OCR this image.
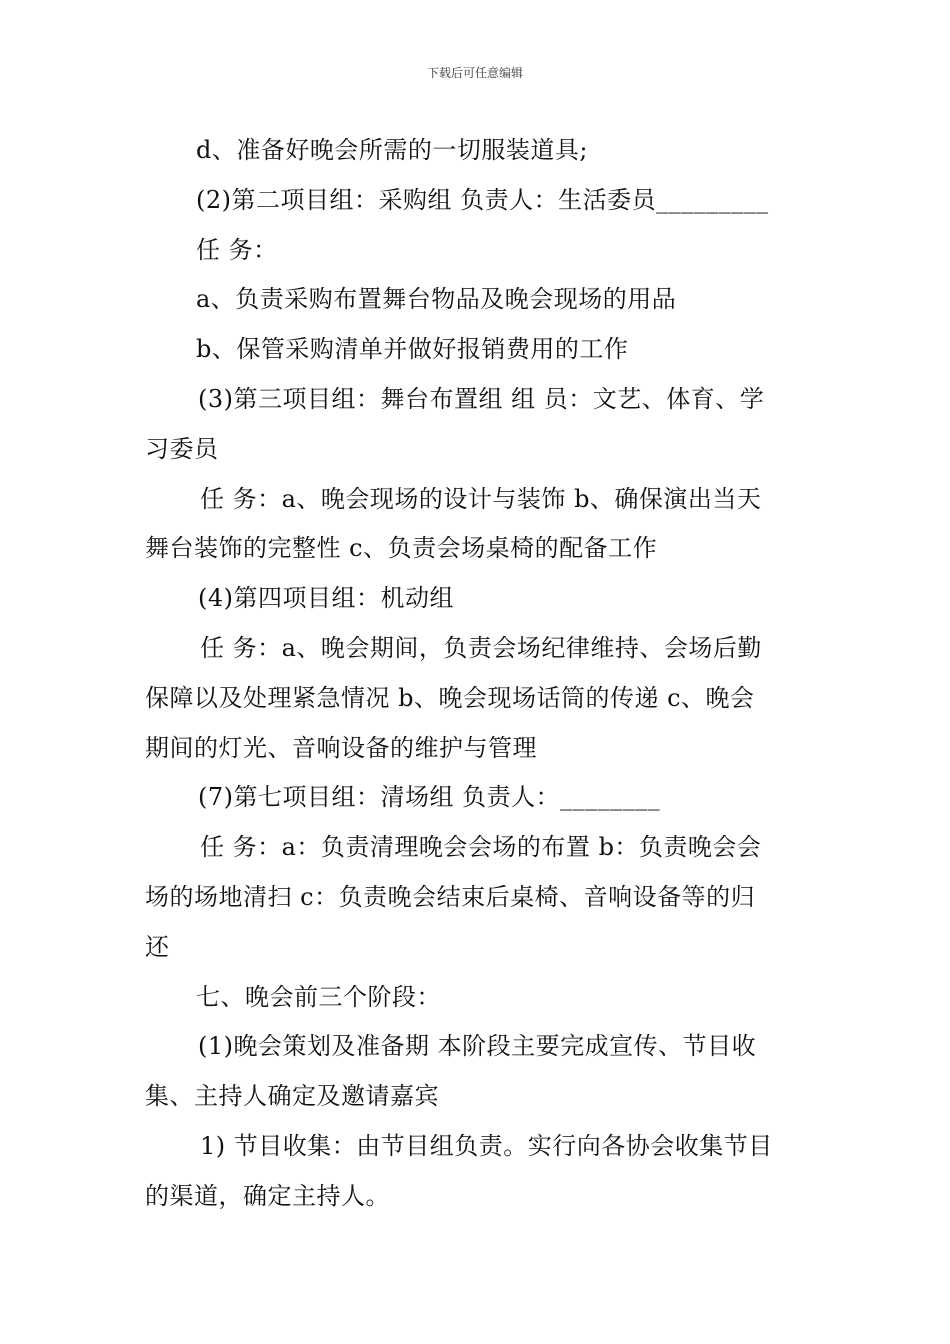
下载后可任意编辑
d、准备好晚会所需的一切服装道具;
(2)第二项目组：采购组 负责人：生活委员_________
任 务：
a、负责采购布置舞台物品及晚会现场的用品
b、保管采购清单并做好报销费用的工作
(3)第三项目组：舞台布置组 组 员：文艺、体育、学
习委员
任 务：a、晚会现场的设计与装饰 b、确保演出当天
舞台装饰的完整性 c、负责会场桌椅的配备工作
(4)第四项目组：机动组
任 务：a、晚会期间，负责会场纪律维持、会场后勤
保障以及处理紧急情况 b、晚会现场话筒的传递 c、晚会
期间的灯光、音响设备的维护与管理
(7)第七项目组：清场组 负责人：________
任 务：a：负责清理晚会会场的布置 b：负责晚会会
场的场地清扫 c：负责晚会结束后桌椅、音响设备等的归
还
七、晚会前三个阶段：
(1)晚会策划及准备期 本阶段主要完成宣传、节目收
集、主持人确定及邀请嘉宾
1) 节目收集：由节目组负责。实行向各协会收集节目
的渠道，确定主持人。
